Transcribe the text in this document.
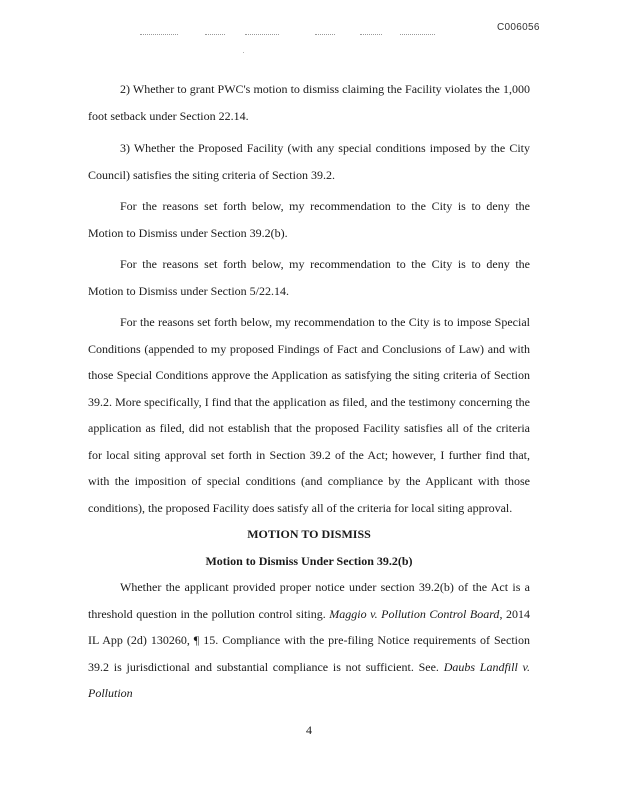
C006056

2) Whether to grant PWC's motion to dismiss claiming the Facility violates the 1,000 foot setback under Section 22.14.

3) Whether the Proposed Facility (with any special conditions imposed by the City Council) satisfies the siting criteria of Section 39.2.

For the reasons set forth below, my recommendation to the City is to deny the Motion to Dismiss under Section 39.2(b).

For the reasons set forth below, my recommendation to the City is to deny the Motion to Dismiss under Section 5/22.14.

For the reasons set forth below, my recommendation to the City is to impose Special Conditions (appended to my proposed Findings of Fact and Conclusions of Law) and with those Special Conditions approve the Application as satisfying the siting criteria of Section 39.2. More specifically, I find that the application as filed, and the testimony concerning the application as filed, did not establish that the proposed Facility satisfies all of the criteria for local siting approval set forth in Section 39.2 of the Act; however, I further find that, with the imposition of special conditions (and compliance by the Applicant with those conditions), the proposed Facility does satisfy all of the criteria for local siting approval.

MOTION TO DISMISS

Motion to Dismiss Under Section 39.2(b)

Whether the applicant provided proper notice under section 39.2(b) of the Act is a threshold question in the pollution control siting. Maggio v. Pollution Control Board, 2014 IL App (2d) 130260, ¶ 15. Compliance with the pre-filing Notice requirements of Section 39.2 is jurisdictional and substantial compliance is not sufficient. See. Daubs Landfill v. Pollution

4
